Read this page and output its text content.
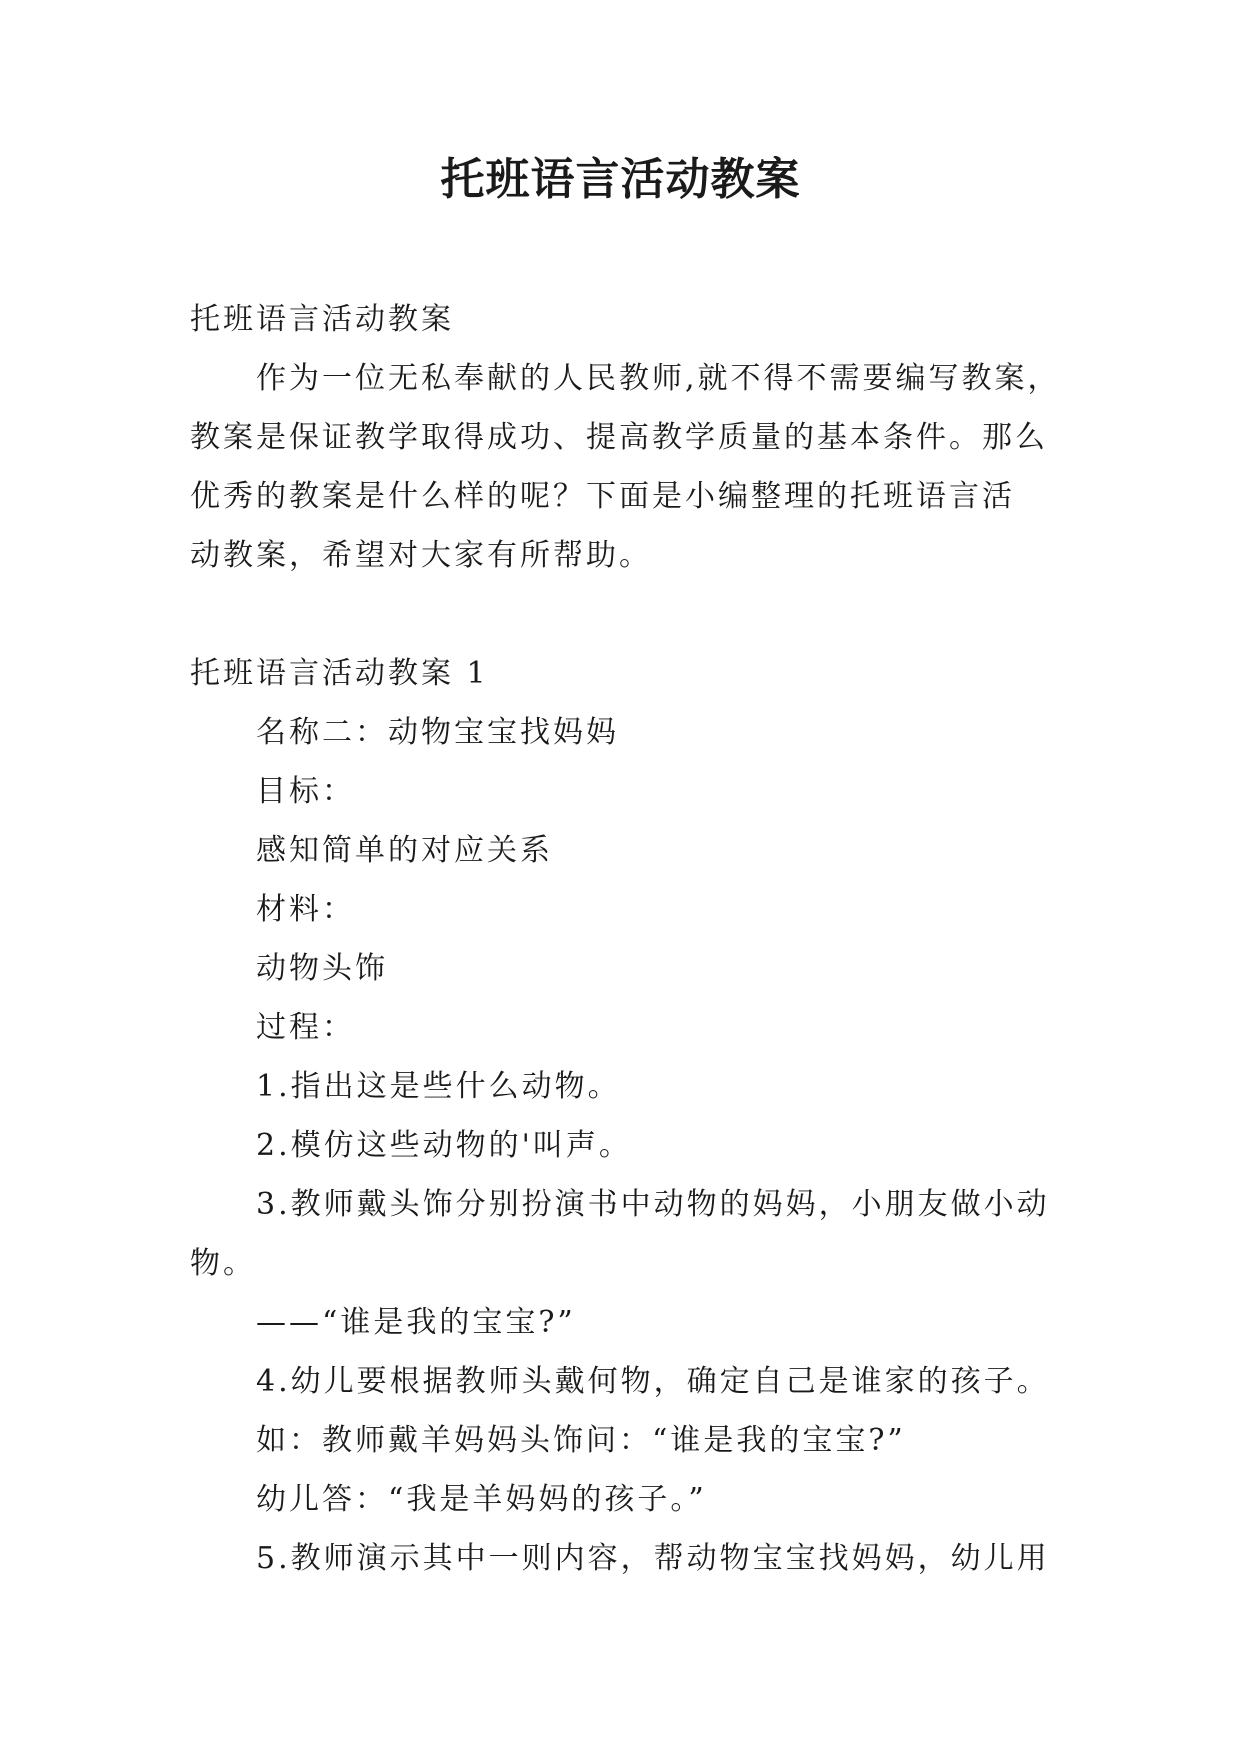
托班语言活动教案

托班语言活动教案

作为一位无私奉献的人民教师,就不得不需要编写教案，

教案是保证教学取得成功、提高教学质量的基本条件。那么

优秀的教案是什么样的呢？下面是小编整理的托班语言活

动教案，希望对大家有所帮助。

托班语言活动教案 1

名称二：动物宝宝找妈妈

目标：

感知简单的对应关系

材料：

动物头饰

过程：

1.指出这是些什么动物。

2.模仿这些动物的'叫声。

3.教师戴头饰分别扮演书中动物的妈妈，小朋友做小动

物。

——“谁是我的宝宝?”

4.幼儿要根据教师头戴何物，确定自己是谁家的孩子。

如：教师戴羊妈妈头饰问：“谁是我的宝宝?”

幼儿答：“我是羊妈妈的孩子。”

5.教师演示其中一则内容，帮动物宝宝找妈妈，幼儿用
